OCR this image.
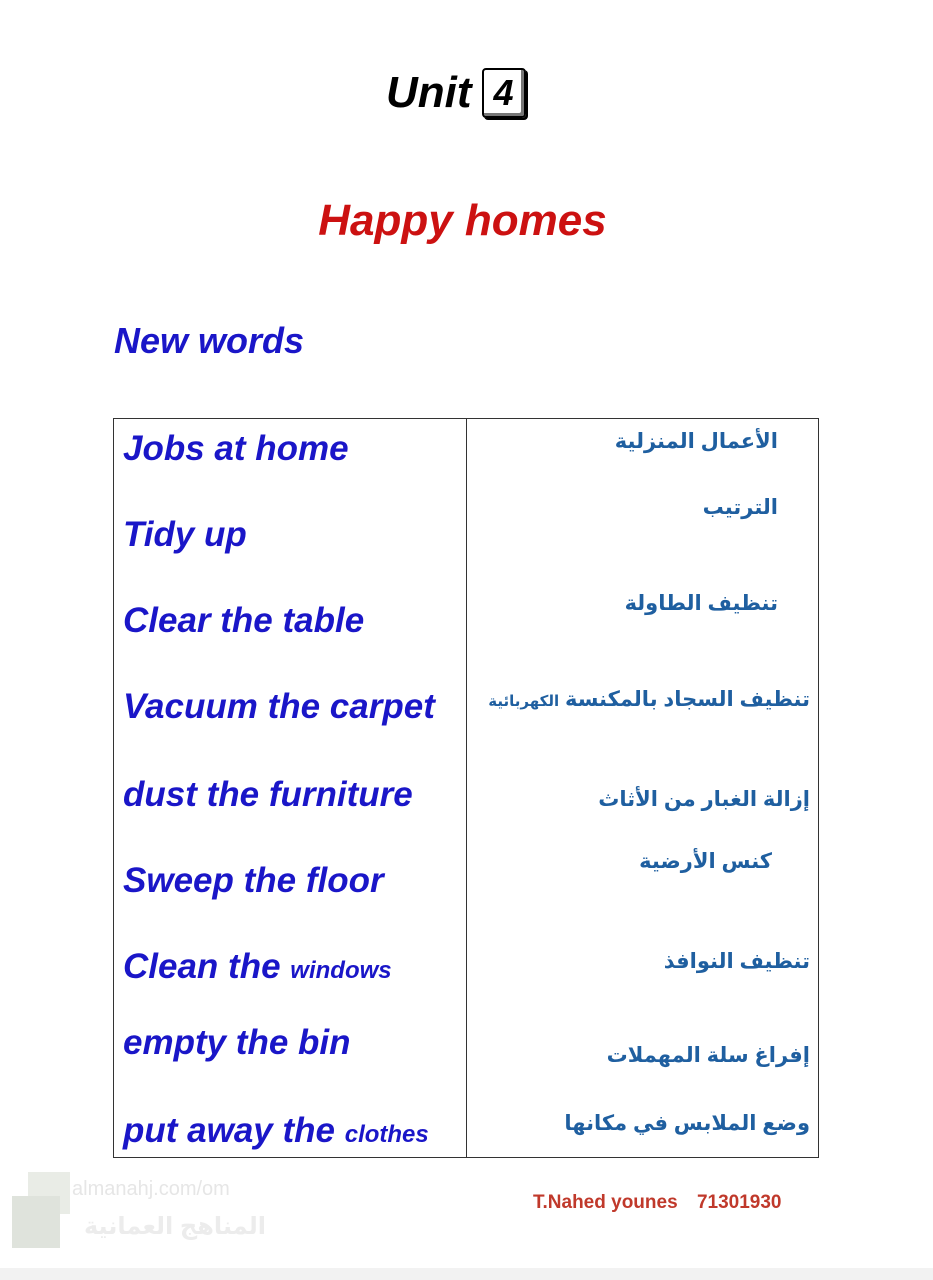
Unit 4
Happy homes
New words
Jobs at home
Tidy up
Clear the table
Vacuum the carpet
dust the furniture
Sweep the floor
Clean the windows
empty the bin
put away the clothes
الأعمال المنزلية
الترتيب
تنظيف الطاولة
تنظيف السجاد بالمكنسة الكهربائية
إزالة الغبار من الأثاث
كنس الأرضية
تنظيف النوافذ
إفراغ سلة المهملات
وضع الملابس في مكانها
T.Nahed younes 71301930
almanahj.com/om
المناهج العمانية
